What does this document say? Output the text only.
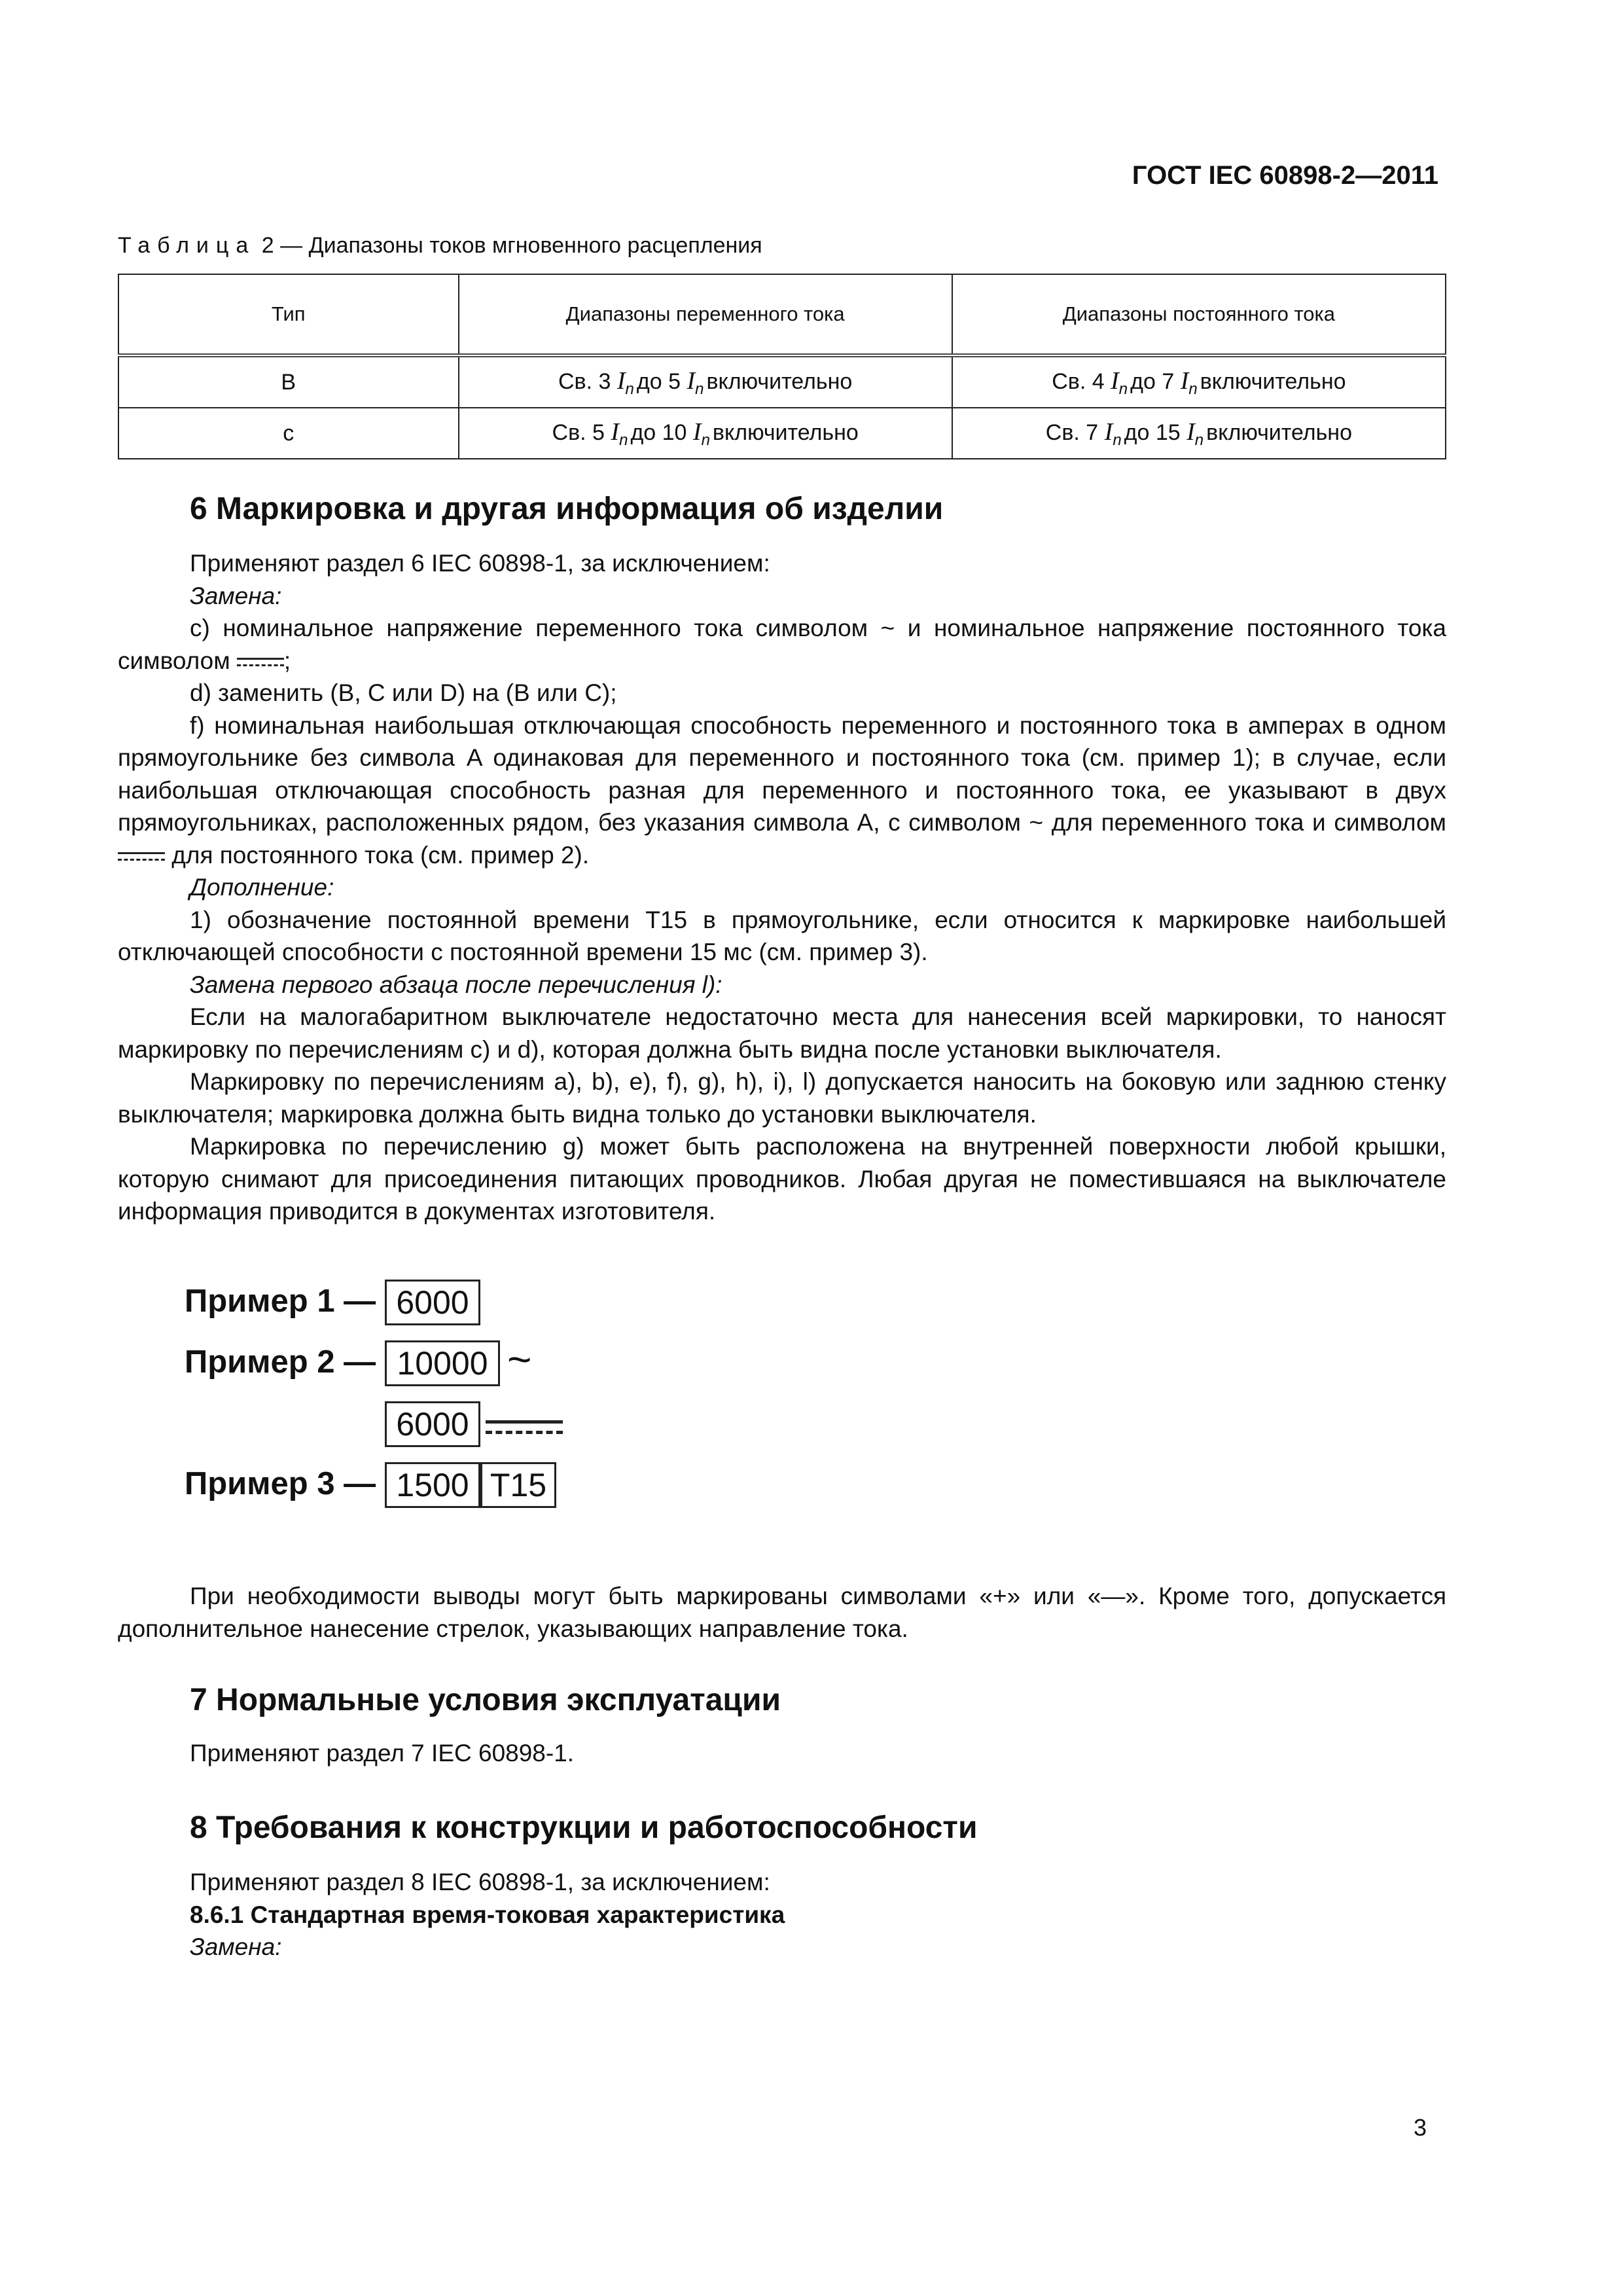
ГОСТ IEC 60898-2—2011
Таблица 2 — Диапазоны токов мгновенного расцепления
Тип	Диапазоны переменного тока	Диапазоны постоянного тока
B	Св. 3 $I_n$ до 5 $I_n$ включительно	Св. 4 $I_n$ до 7 $I_n$ включительно
c	Св. 5 $I_n$ до 10 $I_n$ включительно	Св. 7 $I_n$ до 15 $I_n$ включительно
6 Маркировка и другая информация об изделии

Применяют раздел 6 IEC 60898-1, за исключением:

Замена:

c) номинальное напряжение переменного тока символом ~ и номинальное напряжение постоянного тока символом ;

d) заменить (B, C или D) на (B или C);

f) номинальная наибольшая отключающая способность переменного и постоянного тока в амперах в одном прямоугольнике без символа A одинаковая для переменного и постоянного тока (см. пример 1); в случае, если наибольшая отключающая способность разная для переменного и постоянного тока, ее указывают в двух прямоугольниках, расположенных рядом, без указания символа A, с символом ~ для переменного тока и символом  для постоянного тока (см. пример 2).

Дополнение:

1) обозначение постоянной времени T15 в прямоугольнике, если относится к маркировке наибольшей отключающей способности с постоянной времени 15 мс (см. пример 3).

Замена первого абзаца после перечисления l):

Если на малогабаритном выключателе недостаточно места для нанесения всей маркировки, то наносят маркировку по перечислениям c) и d), которая должна быть видна после установки выключателя.

Маркировку по перечислениям a), b), e), f), g), h), i), l) допускается наносить на боковую или заднюю стенку выключателя; маркировка должна быть видна только до установки выключателя.

Маркировка по перечислению g) может быть расположена на внутренней поверхности любой крышки, которую снимают для присоединения питающих проводников. Любая другая не поместившаяся на выключателе информация приводится в документах изготовителя.

Пример 1 — 6000
Пример 2 — 10000 ~
6000
Пример 3 — 1500 T15

При необходимости выводы могут быть маркированы символами «+» или «—». Кроме того, допускается дополнительное нанесение стрелок, указывающих направление тока.

7 Нормальные условия эксплуатации

Применяют раздел 7 IEC 60898-1.

8 Требования к конструкции и работоспособности

Применяют раздел 8 IEC 60898-1, за исключением:

8.6.1 Стандартная время-токовая характеристика

Замена:

3
